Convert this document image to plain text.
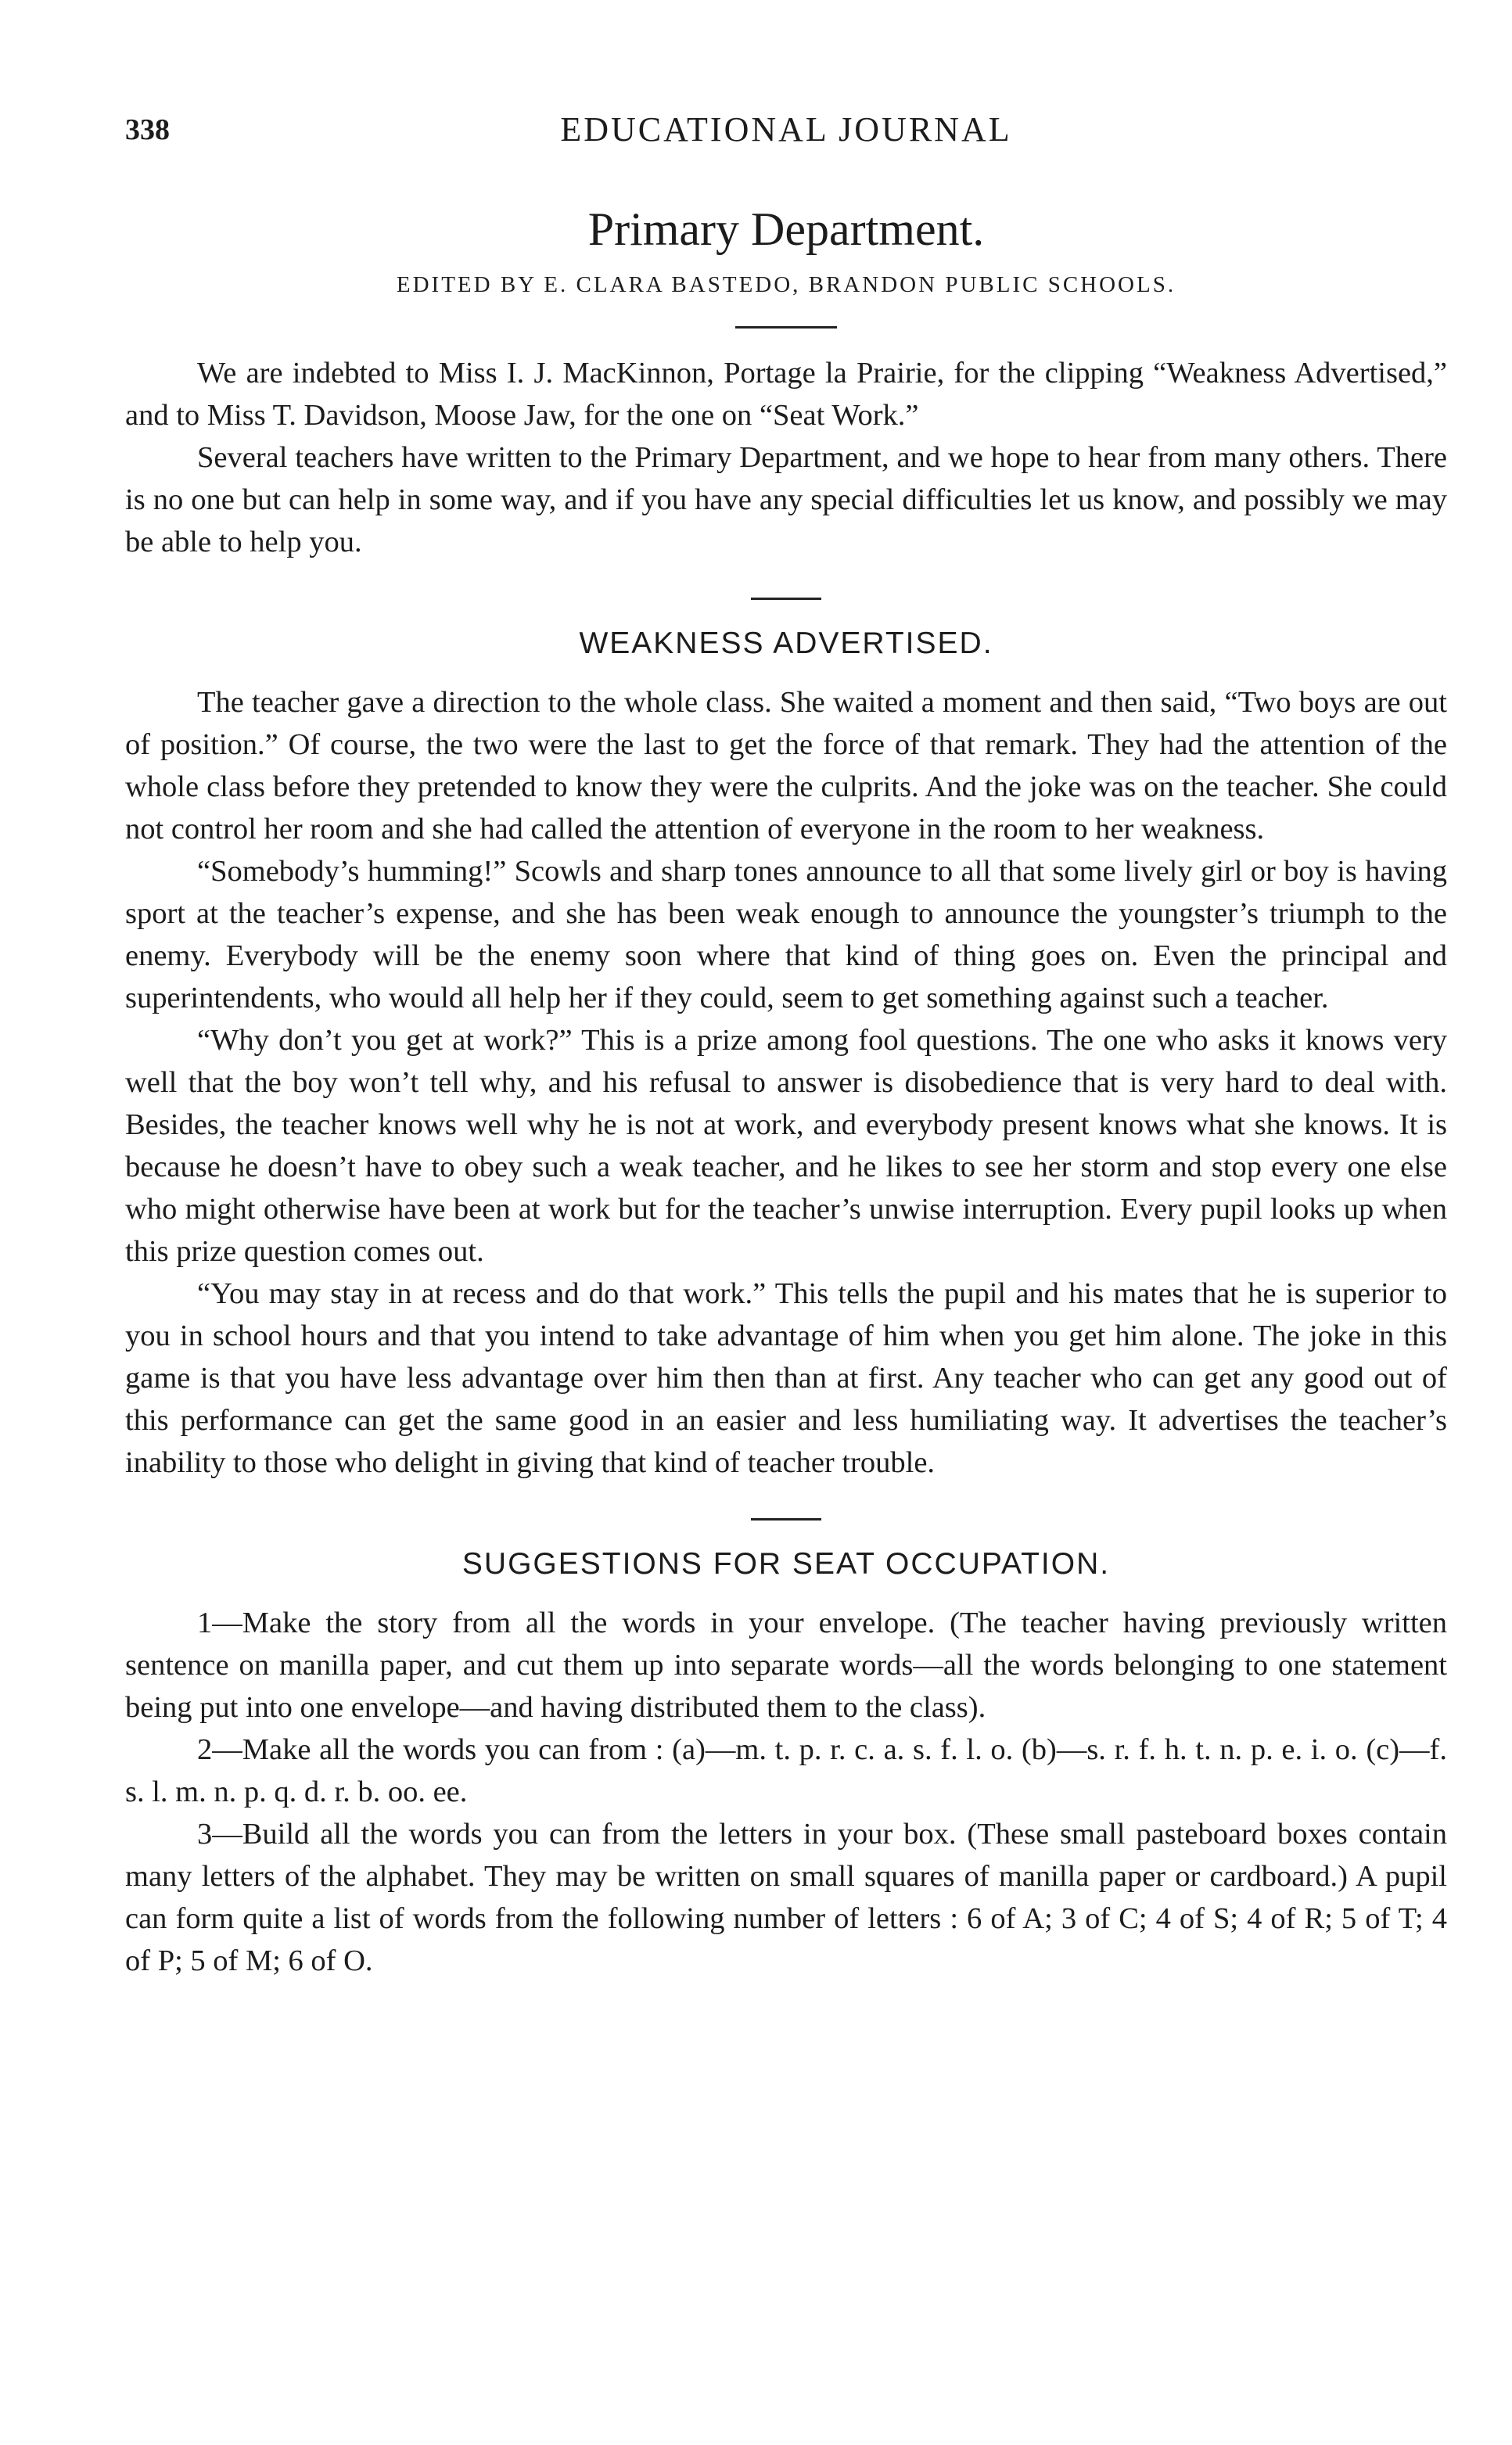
338	EDUCATIONAL JOURNAL
Primary Department.
EDITED BY E. CLARA BASTEDO, BRANDON PUBLIC SCHOOLS.

We are indebted to Miss I. J. MacKinnon, Portage la Prairie, for the clipping “Weakness Advertised,” and to Miss T. Davidson, Moose Jaw, for the one on “Seat Work.”

Several teachers have written to the Primary Department, and we hope to hear from many others. There is no one but can help in some way, and if you have any special difficulties let us know, and possibly we may be able to help you.

WEAKNESS ADVERTISED.

The teacher gave a direction to the whole class. She waited a moment and then said, “Two boys are out of position.” Of course, the two were the last to get the force of that remark. They had the attention of the whole class before they pretended to know they were the culprits. And the joke was on the teacher. She could not control her room and she had called the attention of everyone in the room to her weakness.

“Somebody’s humming!” Scowls and sharp tones announce to all that some lively girl or boy is having sport at the teacher’s expense, and she has been weak enough to announce the youngster’s triumph to the enemy. Everybody will be the enemy soon where that kind of thing goes on. Even the principal and superintendents, who would all help her if they could, seem to get something against such a teacher.

“Why don’t you get at work?” This is a prize among fool questions. The one who asks it knows very well that the boy won’t tell why, and his refusal to answer is disobedience that is very hard to deal with. Besides, the teacher knows well why he is not at work, and everybody present knows what she knows. It is because he doesn’t have to obey such a weak teacher, and he likes to see her storm and stop every one else who might otherwise have been at work but for the teacher’s unwise interruption. Every pupil looks up when this prize question comes out.

“You may stay in at recess and do that work.” This tells the pupil and his mates that he is superior to you in school hours and that you intend to take advantage of him when you get him alone. The joke in this game is that you have less advantage over him then than at first. Any teacher who can get any good out of this performance can get the same good in an easier and less humiliating way. It advertises the teacher’s inability to those who delight in giving that kind of teacher trouble.

SUGGESTIONS FOR SEAT OCCUPATION.

1—Make the story from all the words in your envelope. (The teacher having previously written sentence on manilla paper, and cut them up into separate words—all the words belonging to one statement being put into one envelope—and having distributed them to the class).

2—Make all the words you can from : (a)—m. t. p. r. c. a. s. f. l. o. (b)—s. r. f. h. t. n. p. e. i. o. (c)—f. s. l. m. n. p. q. d. r. b. oo. ee.

3—Build all the words you can from the letters in your box. (These small pasteboard boxes contain many letters of the alphabet. They may be written on small squares of manilla paper or cardboard.) A pupil can form quite a list of words from the following number of letters : 6 of A; 3 of C; 4 of S; 4 of R; 5 of T; 4 of P; 5 of M; 6 of O.
